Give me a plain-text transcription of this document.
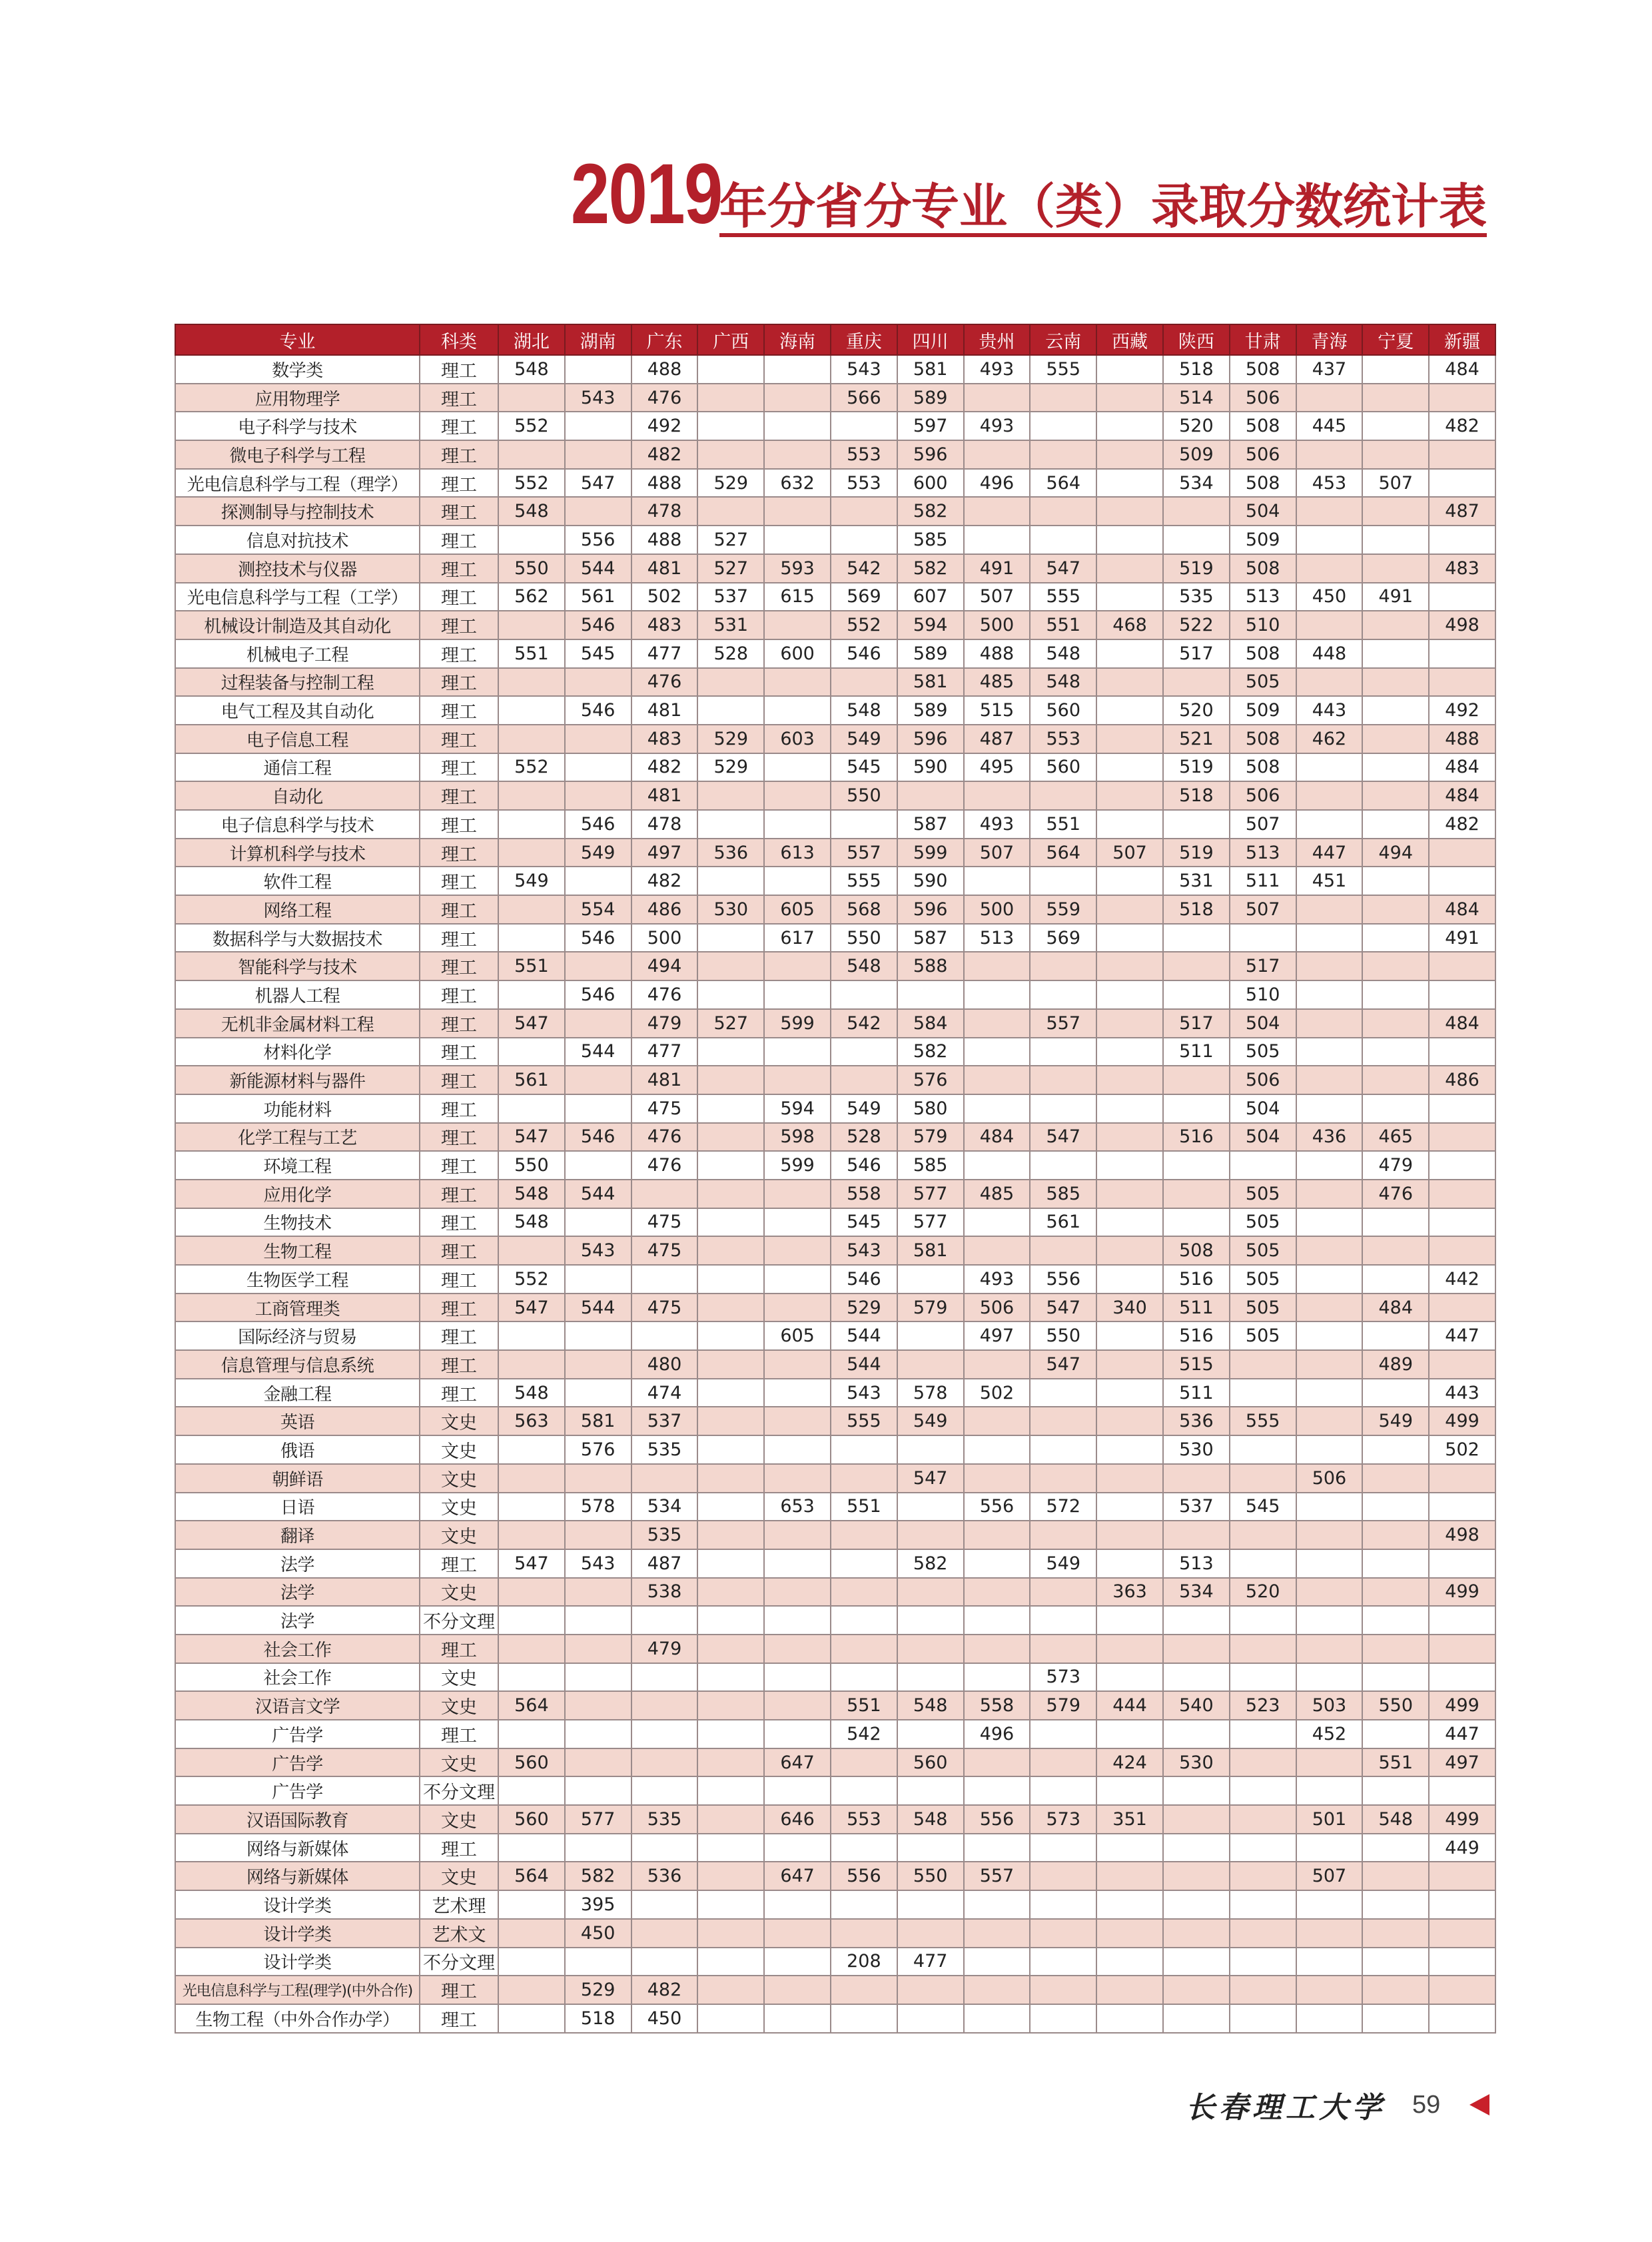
2019
年分省分专业（类）录取分数统计表
专业	科类	湖北	湖南	广东	广西	海南	重庆	四川	贵州	云南	西藏	陕西	甘肃	青海	宁夏	新疆
数学类	理工	548		488			543	581	493	555		518	508	437		484
应用物理学	理工		543	476			566	589				514	506			
电子科学与技术	理工	552		492				597	493			520	508	445		482
微电子科学与工程	理工			482			553	596				509	506			
光电信息科学与工程（理学）	理工	552	547	488	529	632	553	600	496	564		534	508	453	507	
探测制导与控制技术	理工	548		478				582					504			487
信息对抗技术	理工		556	488	527			585					509			
测控技术与仪器	理工	550	544	481	527	593	542	582	491	547		519	508			483
光电信息科学与工程（工学）	理工	562	561	502	537	615	569	607	507	555		535	513	450	491	
机械设计制造及其自动化	理工		546	483	531		552	594	500	551	468	522	510			498
机械电子工程	理工	551	545	477	528	600	546	589	488	548		517	508	448		
过程装备与控制工程	理工			476				581	485	548			505			
电气工程及其自动化	理工		546	481			548	589	515	560		520	509	443		492
电子信息工程	理工			483	529	603	549	596	487	553		521	508	462		488
通信工程	理工	552		482	529		545	590	495	560		519	508			484
自动化	理工			481			550					518	506			484
电子信息科学与技术	理工		546	478				587	493	551			507			482
计算机科学与技术	理工		549	497	536	613	557	599	507	564	507	519	513	447	494	
软件工程	理工	549		482			555	590				531	511	451		
网络工程	理工		554	486	530	605	568	596	500	559		518	507			484
数据科学与大数据技术	理工		546	500		617	550	587	513	569						491
智能科学与技术	理工	551		494			548	588					517			
机器人工程	理工		546	476									510			
无机非金属材料工程	理工	547		479	527	599	542	584		557		517	504			484
材料化学	理工		544	477				582				511	505			
新能源材料与器件	理工	561		481				576					506			486
功能材料	理工			475		594	549	580					504			
化学工程与工艺	理工	547	546	476		598	528	579	484	547		516	504	436	465	
环境工程	理工	550		476		599	546	585							479	
应用化学	理工	548	544				558	577	485	585			505		476	
生物技术	理工	548		475			545	577		561			505			
生物工程	理工		543	475			543	581				508	505			
生物医学工程	理工	552					546		493	556		516	505			442
工商管理类	理工	547	544	475			529	579	506	547	340	511	505		484	
国际经济与贸易	理工					605	544		497	550		516	505			447
信息管理与信息系统	理工			480			544			547		515			489	
金融工程	理工	548		474			543	578	502			511				443
英语	文史	563	581	537			555	549				536	555		549	499
俄语	文史		576	535								530				502
朝鲜语	文史							547						506		
日语	文史		578	534		653	551		556	572		537	545			
翻译	文史			535												498
法学	理工	547	543	487				582		549		513				
法学	文史			538							363	534	520			499
法学	不分文理															
社会工作	理工			479												
社会工作	文史									573						
汉语言文学	文史	564					551	548	558	579	444	540	523	503	550	499
广告学	理工						542		496					452		447
广告学	文史	560				647		560			424	530			551	497
广告学	不分文理															
汉语国际教育	文史	560	577	535		646	553	548	556	573	351			501	548	499
网络与新媒体	理工															449
网络与新媒体	文史	564	582	536		647	556	550	557					507		
设计学类	艺术理		395													
设计学类	艺术文		450													
设计学类	不分文理						208	477								
光电信息科学与工程(理学)(中外合作)	理工		529	482												
生物工程（中外合作办学）	理工		518	450												
长春理工大学 59
